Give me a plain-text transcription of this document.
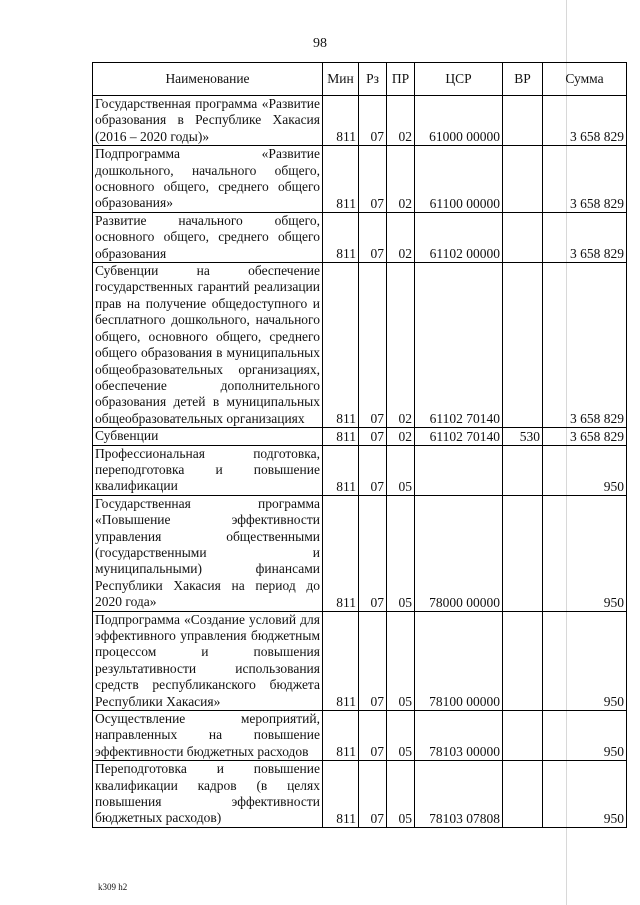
98
Наименование	Мин	Рз	ПР	ЦСР	ВР	Сумма
Государственная программа «Развитие образования в Республике Хакасия (2016 – 2020 годы)»	811	07	02	61000 00000		3 658 829
Подпрограмма «Развитие дошкольного, начального общего, основного общего, среднего общего образования»	811	07	02	61100 00000		3 658 829
Развитие начального общего, основного общего, среднего общего образования	811	07	02	61102 00000		3 658 829
Субвенции на обеспечение государственных гарантий реализации прав на получение общедоступного и бесплатного дошкольного, начального общего, основного общего, среднего общего образования в муниципальных общеобразовательных организациях, обеспечение дополнительного образования детей в муниципальных общеобразовательных организациях	811	07	02	61102 70140		3 658 829
Субвенции	811	07	02	61102 70140	530	3 658 829
Профессиональная подготовка, переподготовка и повышение квалификации	811	07	05			950
Государственная программа «Повышение эффективности управления общественными (государственными и муниципальными) финансами Республики Хакасия на период до 2020 года»	811	07	05	78000 00000		950
Подпрограмма «Создание условий для эффективного управления бюджетным процессом и повышения результативности использования средств республиканского бюджета Республики Хакасия»	811	07	05	78100 00000		950
Осуществление мероприятий, направленных на повышение эффективности бюджетных расходов	811	07	05	78103 00000		950
Переподготовка и повышение квалификации кадров (в целях повышения эффективности бюджетных расходов)	811	07	05	78103 07808		950
k309 h2
